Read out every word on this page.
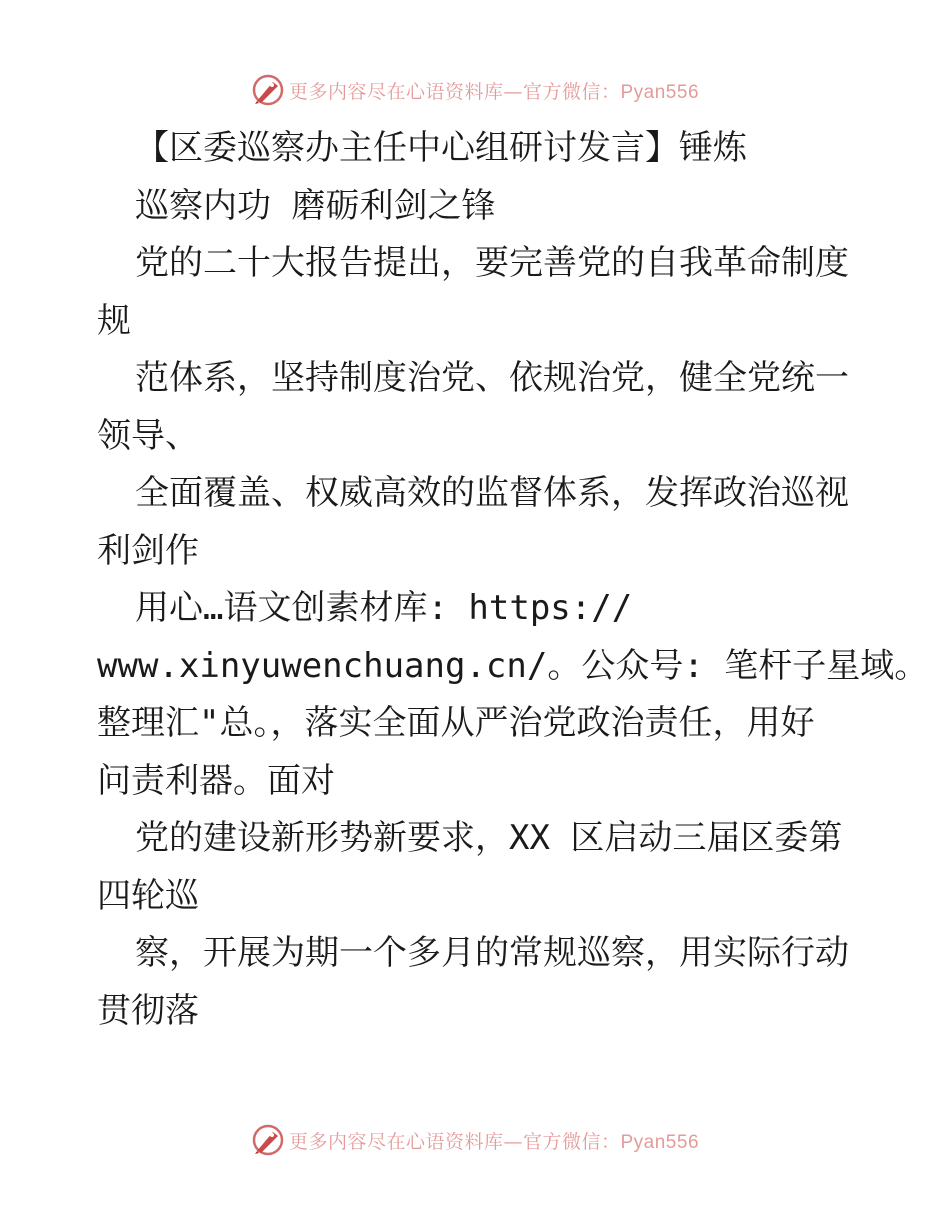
更多内容尽在心语资料库—官方微信：Pyan556
【区委巡察办主任中心组研讨发言】锤炼
巡察内功 磨砺利剑之锋
党的二十大报告提出，要完善党的自我革命制度
规
范体系，坚持制度治党、依规治党，健全党统一
领导、
全面覆盖、权威高效的监督体系，发挥政治巡视
利剑作
用心…语文创素材库: https://
www.xinyuwenchuang.cn/。公众号: 笔杆子星域。
整理汇"总。，落实全面从严治党政治责任，用好
问责利器。面对
党的建设新形势新要求，XX 区启动三届区委第
四轮巡
察，开展为期一个多月的常规巡察，用实际行动
贯彻落
更多内容尽在心语资料库—官方微信：Pyan556
